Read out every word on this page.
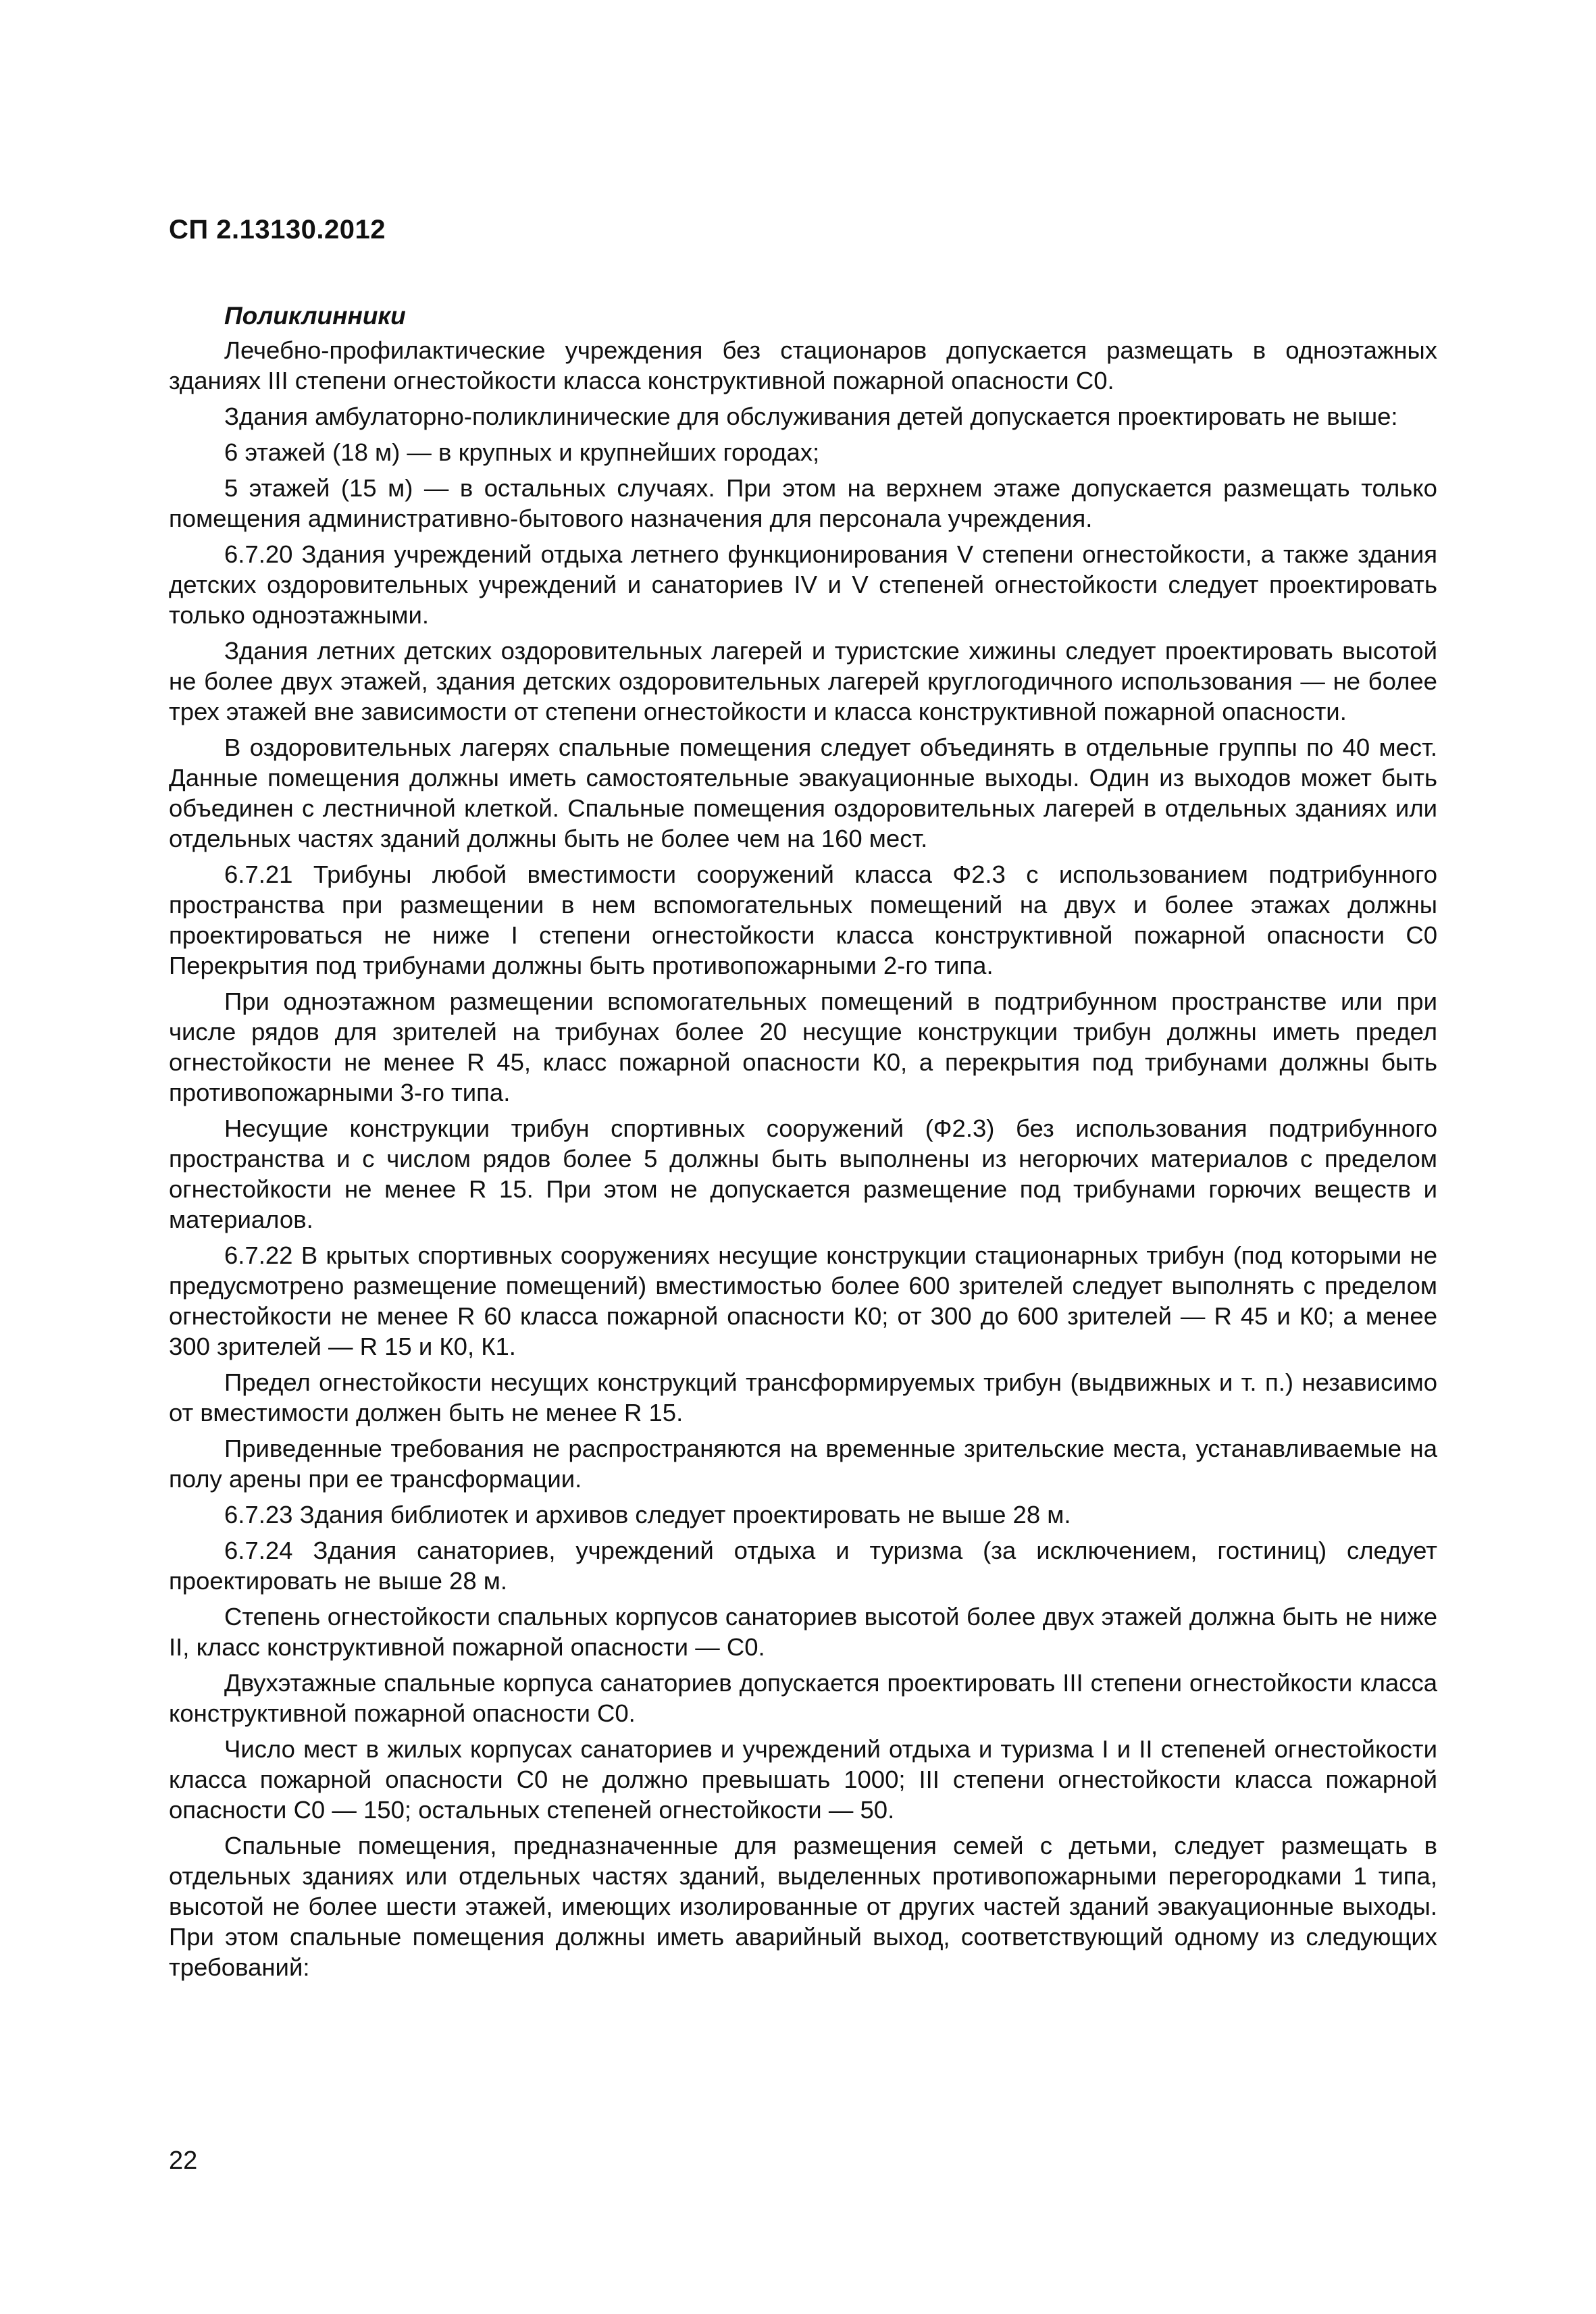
СП 2.13130.2012

Поликлинники

Лечебно-профилактические учреждения без стационаров допускается размещать в одноэтажных зданиях III степени огнестойкости класса конструктивной пожарной опасности С0.

Здания амбулаторно-поликлинические для обслуживания детей допускается проектировать не выше:

6 этажей (18 м) — в крупных и крупнейших городах;

5 этажей (15 м) — в остальных случаях. При этом на верхнем этаже допускается размещать только помещения административно-бытового назначения для персонала учреждения.

6.7.20 Здания учреждений отдыха летнего функционирования V степени огнестойкости, а также здания детских оздоровительных учреждений и санаториев IV и V степеней огнестойкости следует проектировать только одноэтажными.

Здания летних детских оздоровительных лагерей и туристские хижины следует проектировать высотой не более двух этажей, здания детских оздоровительных лагерей круглогодичного использования — не более трех этажей вне зависимости от степени огнестойкости и класса конструктивной пожарной опасности.

В оздоровительных лагерях спальные помещения следует объединять в отдельные группы по 40 мест. Данные помещения должны иметь самостоятельные эвакуационные выходы. Один из выходов может быть объединен с лестничной клеткой. Спальные помещения оздоровительных лагерей в отдельных зданиях или отдельных частях зданий должны быть не более чем на 160 мест.

6.7.21 Трибуны любой вместимости сооружений класса Ф2.3 с использованием подтрибунного пространства при размещении в нем вспомогательных помещений на двух и более этажах должны проектироваться не ниже I степени огнестойкости класса конструктивной пожарной опасности С0 Перекрытия под трибунами должны быть противопожарными 2-го типа.

При одноэтажном размещении вспомогательных помещений в подтрибунном пространстве или при числе рядов для зрителей на трибунах более 20 несущие конструкции трибун должны иметь предел огнестойкости не менее R 45, класс пожарной опасности К0, а перекрытия под трибунами должны быть противопожарными 3-го типа.

Несущие конструкции трибун спортивных сооружений (Ф2.3) без использования подтрибунного пространства и с числом рядов более 5 должны быть выполнены из негорючих материалов с пределом огнестойкости не менее R 15. При этом не допускается размещение под трибунами горючих веществ и материалов.

6.7.22 В крытых спортивных сооружениях несущие конструкции стационарных трибун (под которыми не предусмотрено размещение помещений) вместимостью более 600 зрителей следует выполнять с пределом огнестойкости не менее R 60 класса пожарной опасности К0; от 300 до 600 зрителей — R 45 и К0; а менее 300 зрителей — R 15 и К0, К1.

Предел огнестойкости несущих конструкций трансформируемых трибун (выдвижных и т. п.) независимо от вместимости должен быть не менее R 15.

Приведенные требования не распространяются на временные зрительские места, устанавливаемые на полу арены при ее трансформации.

6.7.23 Здания библиотек и архивов следует проектировать не выше 28 м.

6.7.24 Здания санаториев, учреждений отдыха и туризма (за исключением, гостиниц) следует проектировать не выше 28 м.

Степень огнестойкости спальных корпусов санаториев высотой более двух этажей должна быть не ниже II, класс конструктивной пожарной опасности — С0.

Двухэтажные спальные корпуса санаториев допускается проектировать III степени огнестойкости класса конструктивной пожарной опасности С0.

Число мест в жилых корпусах санаториев и учреждений отдыха и туризма I и II степеней огнестойкости класса пожарной опасности С0 не должно превышать 1000; III степени огнестойкости класса пожарной опасности С0 — 150; остальных степеней огнестойкости — 50.

Спальные помещения, предназначенные для размещения семей с детьми, следует размещать в отдельных зданиях или отдельных частях зданий, выделенных противопожарными перегородками 1 типа, высотой не более шести этажей, имеющих изолированные от других частей зданий эвакуационные выходы. При этом спальные помещения должны иметь аварийный выход, соответствующий одному из следующих требований:

22
